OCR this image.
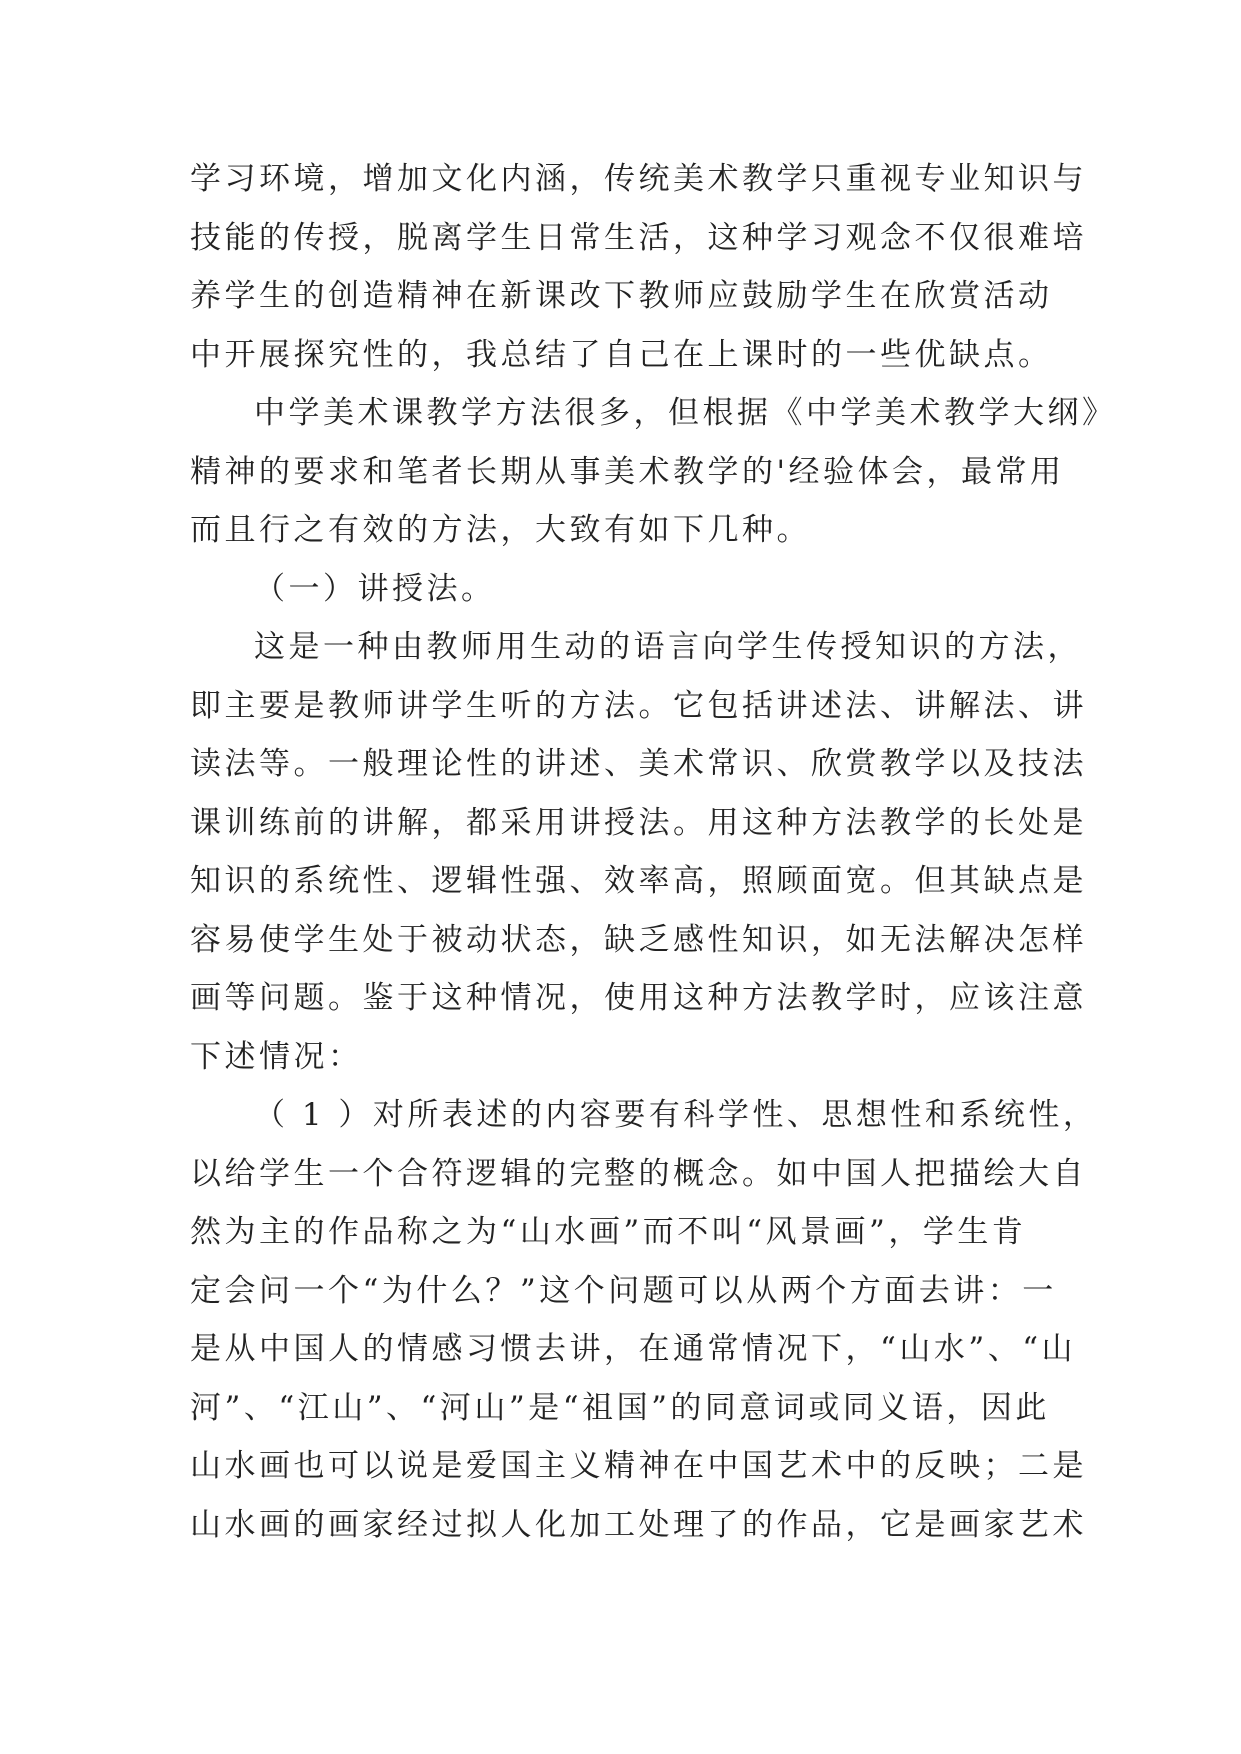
学习环境，增加文化内涵，传统美术教学只重视专业知识与
技能的传授，脱离学生日常生活，这种学习观念不仅很难培
养学生的创造精神在新课改下教师应鼓励学生在欣赏活动
中开展探究性的，我总结了自己在上课时的一些优缺点。
中学美术课教学方法很多，但根据《中学美术教学大纲》
精神的要求和笔者长期从事美术教学的'经验体会，最常用
而且行之有效的方法，大致有如下几种。
（一）讲授法。
这是一种由教师用生动的语言向学生传授知识的方法，
即主要是教师讲学生听的方法。它包括讲述法、讲解法、讲
读法等。一般理论性的讲述、美术常识、欣赏教学以及技法
课训练前的讲解，都采用讲授法。用这种方法教学的长处是
知识的系统性、逻辑性强、效率高，照顾面宽。但其缺点是
容易使学生处于被动状态，缺乏感性知识，如无法解决怎样
画等问题。鉴于这种情况，使用这种方法教学时，应该注意
下述情况：
（ 1 ）对所表述的内容要有科学性、思想性和系统性，
以给学生一个合符逻辑的完整的概念。如中国人把描绘大自
然为主的作品称之为“山水画”而不叫“风景画”，学生肯
定会问一个“为什么？”这个问题可以从两个方面去讲：一
是从中国人的情感习惯去讲，在通常情况下，“山水”、“山
河”、“江山”、“河山”是“祖国”的同意词或同义语，因此
山水画也可以说是爱国主义精神在中国艺术中的反映；二是
山水画的画家经过拟人化加工处理了的作品，它是画家艺术
